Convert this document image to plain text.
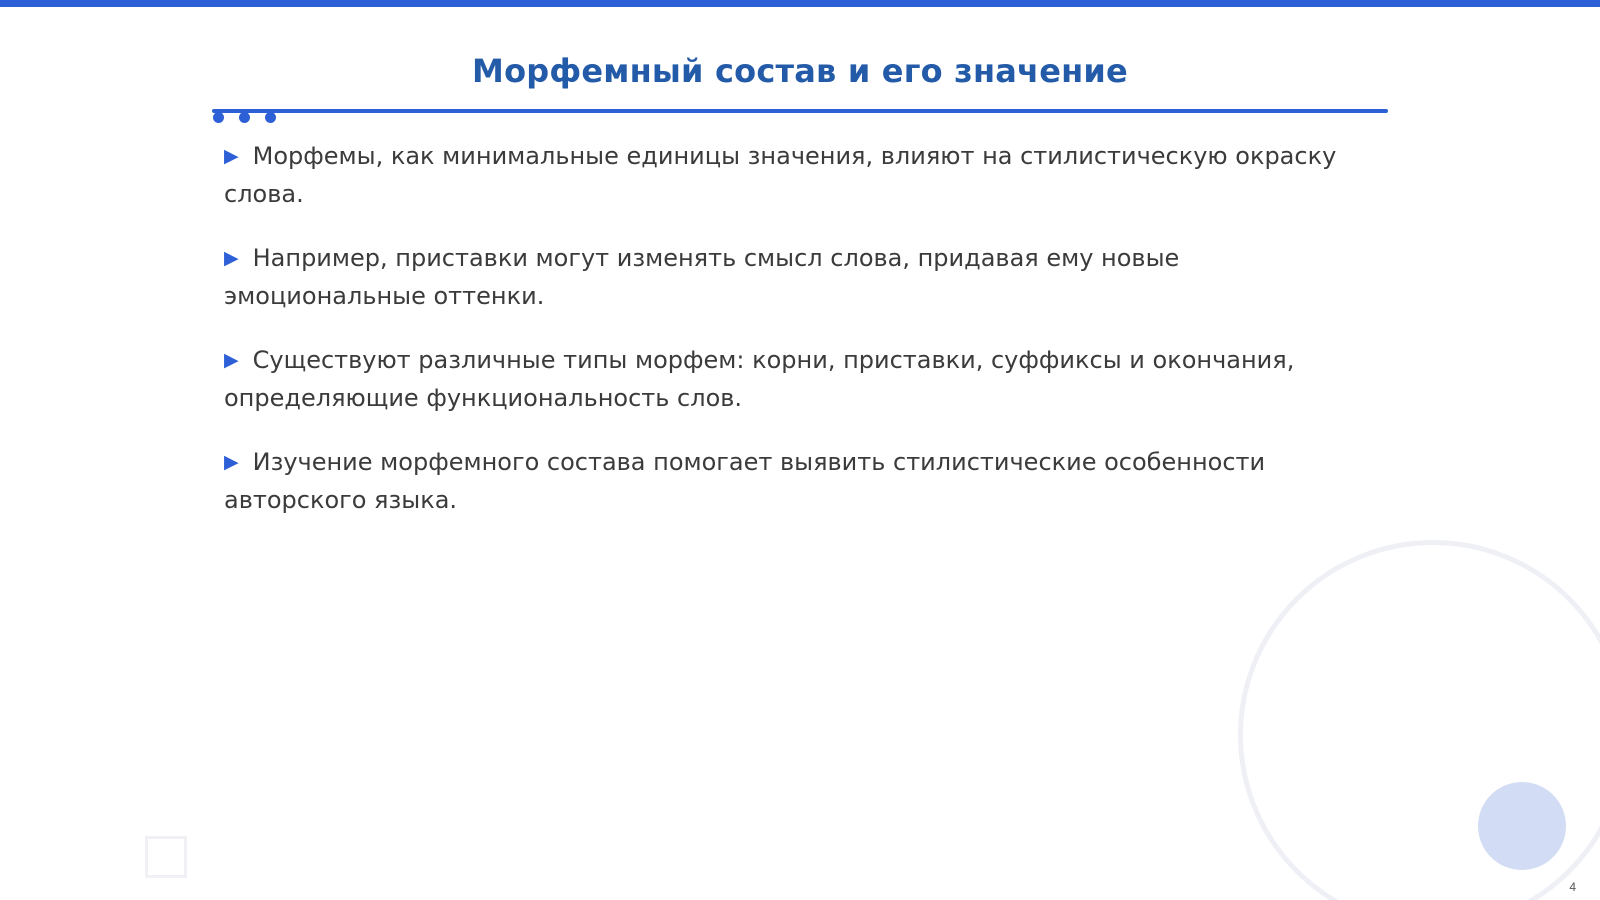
Морфемный состав и его значение
▶ Морфемы, как минимальные единицы значения, влияют на стилистическую окраску слова.
▶ Например, приставки могут изменять смысл слова, придавая ему новые эмоциональные оттенки.
▶ Существуют различные типы морфем: корни, приставки, суффиксы и окончания, определяющие функциональность слов.
▶ Изучение морфемного состава помогает выявить стилистические особенности авторского языка.
4
